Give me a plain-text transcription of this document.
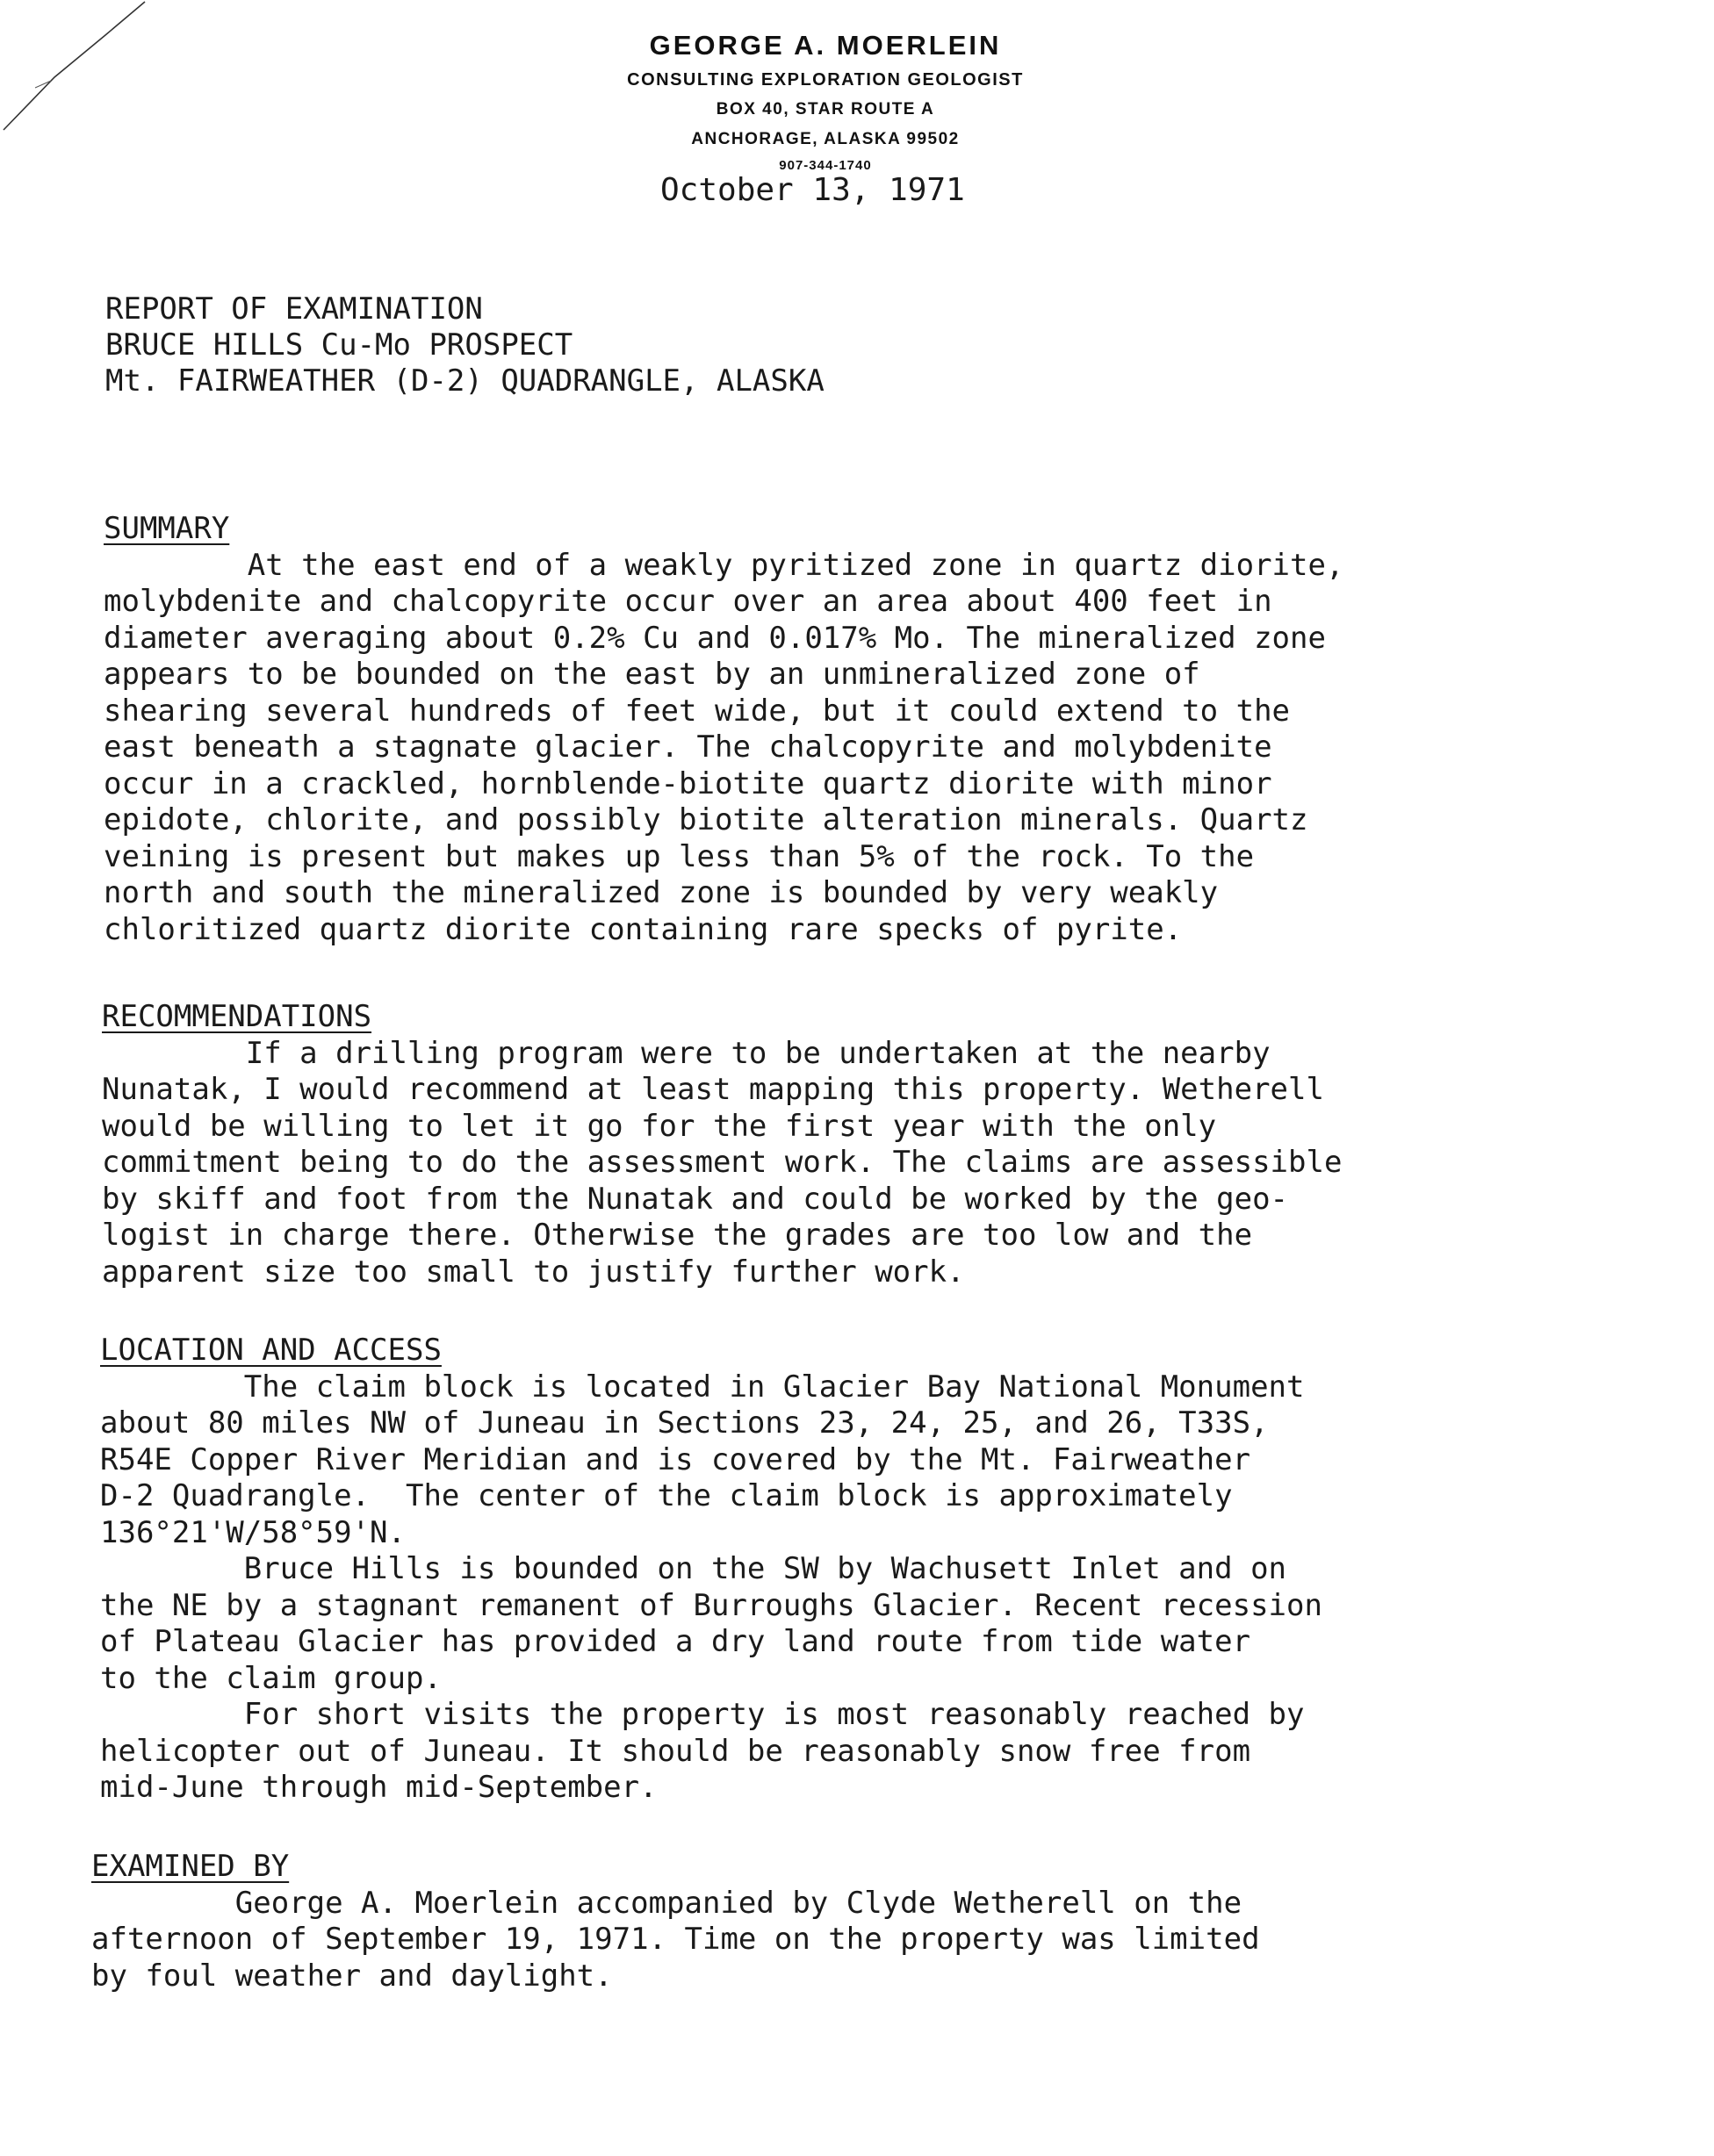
GEORGE A. MOERLEIN
CONSULTING EXPLORATION GEOLOGIST
BOX 40, STAR ROUTE A
ANCHORAGE, ALASKA 99502
907-344-1740
October 13, 1971
REPORT OF EXAMINATION
BRUCE HILLS Cu-Mo PROSPECT
Mt. FAIRWEATHER (D-2) QUADRANGLE, ALASKA
SUMMARY
At the east end of a weakly pyritized zone in quartz diorite,
molybdenite and chalcopyrite occur over an area about 400 feet in
diameter averaging about 0.2% Cu and 0.017% Mo. The mineralized zone
appears to be bounded on the east by an unmineralized zone of
shearing several hundreds of feet wide, but it could extend to the
east beneath a stagnate glacier. The chalcopyrite and molybdenite
occur in a crackled, hornblende-biotite quartz diorite with minor
epidote, chlorite, and possibly biotite alteration minerals. Quartz
veining is present but makes up less than 5% of the rock. To the
north and south the mineralized zone is bounded by very weakly
chloritized quartz diorite containing rare specks of pyrite.
RECOMMENDATIONS
If a drilling program were to be undertaken at the nearby
Nunatak, I would recommend at least mapping this property. Wetherell
would be willing to let it go for the first year with the only
commitment being to do the assessment work. The claims are assessible
by skiff and foot from the Nunatak and could be worked by the geo-
logist in charge there. Otherwise the grades are too low and the
apparent size too small to justify further work.
LOCATION AND ACCESS
The claim block is located in Glacier Bay National Monument
about 80 miles NW of Juneau in Sections 23, 24, 25, and 26, T33S,
R54E Copper River Meridian and is covered by the Mt. Fairweather
D-2 Quadrangle.  The center of the claim block is approximately
136°21'W/58°59'N.
Bruce Hills is bounded on the SW by Wachusett Inlet and on
the NE by a stagnant remanent of Burroughs Glacier. Recent recession
of Plateau Glacier has provided a dry land route from tide water
to the claim group.
For short visits the property is most reasonably reached by
helicopter out of Juneau. It should be reasonably snow free from
mid-June through mid-September.
EXAMINED BY
George A. Moerlein accompanied by Clyde Wetherell on the
afternoon of September 19, 1971. Time on the property was limited
by foul weather and daylight.
